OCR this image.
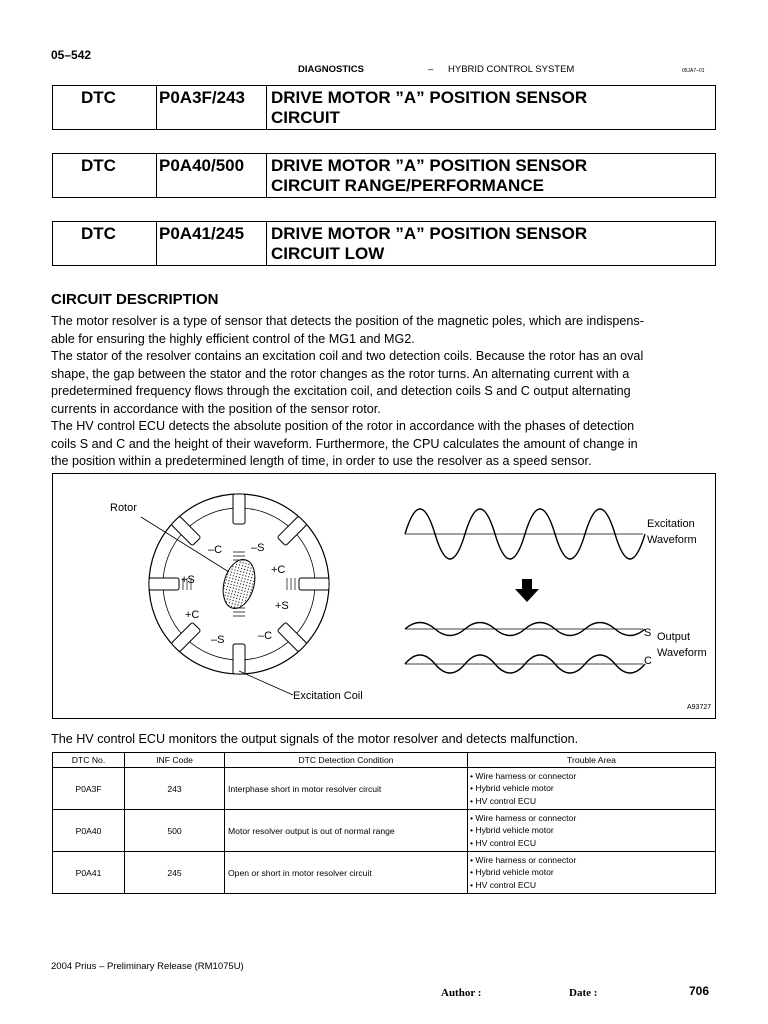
05–542
DIAGNOSTICS	– HYBRID CONTROL SYSTEM	05JA7–01
DTC	P0A3F/243	DRIVE MOTOR ”A” POSITION SENSOR
CIRCUIT
DTC	P0A40/500	DRIVE MOTOR ”A” POSITION SENSOR
CIRCUIT RANGE/PERFORMANCE
DTC	P0A41/245	DRIVE MOTOR ”A” POSITION SENSOR
CIRCUIT LOW
CIRCUIT DESCRIPTION
The motor resolver is a type of sensor that detects the position of the magnetic poles, which are indispens-
able for ensuring the highly efficient control of the MG1 and MG2.
The stator of the resolver contains an excitation coil and two detection coils. Because the rotor has an oval
shape, the gap between the stator and the rotor changes as the rotor turns. An alternating current with a
predetermined frequency flows through the excitation coil, and detection coils S and C output alternating
currents in accordance with the position of the sensor rotor.
The HV control ECU detects the absolute position of the rotor in accordance with the phases of detection
coils S and C and the height of their waveform. Furthermore, the CPU calculates the amount of change in
the position within a predetermined length of time, in order to use the resolver as a speed sensor.
Rotor
–C	–S
+C
+S
+S
+C
–S	–C
Excitation Coil
Excitation
Waveform
S
C
Output
Waveform
A93727
The HV control ECU monitors the output signals of the motor resolver and detects malfunction.
DTC No.	INF Code	DTC Detection Condition	Trouble Area
P0A3F	243	Interphase short in motor resolver circuit	• Wire harness or connector
• Hybrid vehicle motor
• HV control ECU

P0A40	500	Motor resolver output is out of normal range	• Wire harness or connector
• Hybrid vehicle motor
• HV control ECU

P0A41	245	Open or short in motor resolver circuit	• Wire harness or connector
• Hybrid vehicle motor
• HV control ECU
2004 Prius – Preliminary Release (RM1075U)
Author :	Date :	706
